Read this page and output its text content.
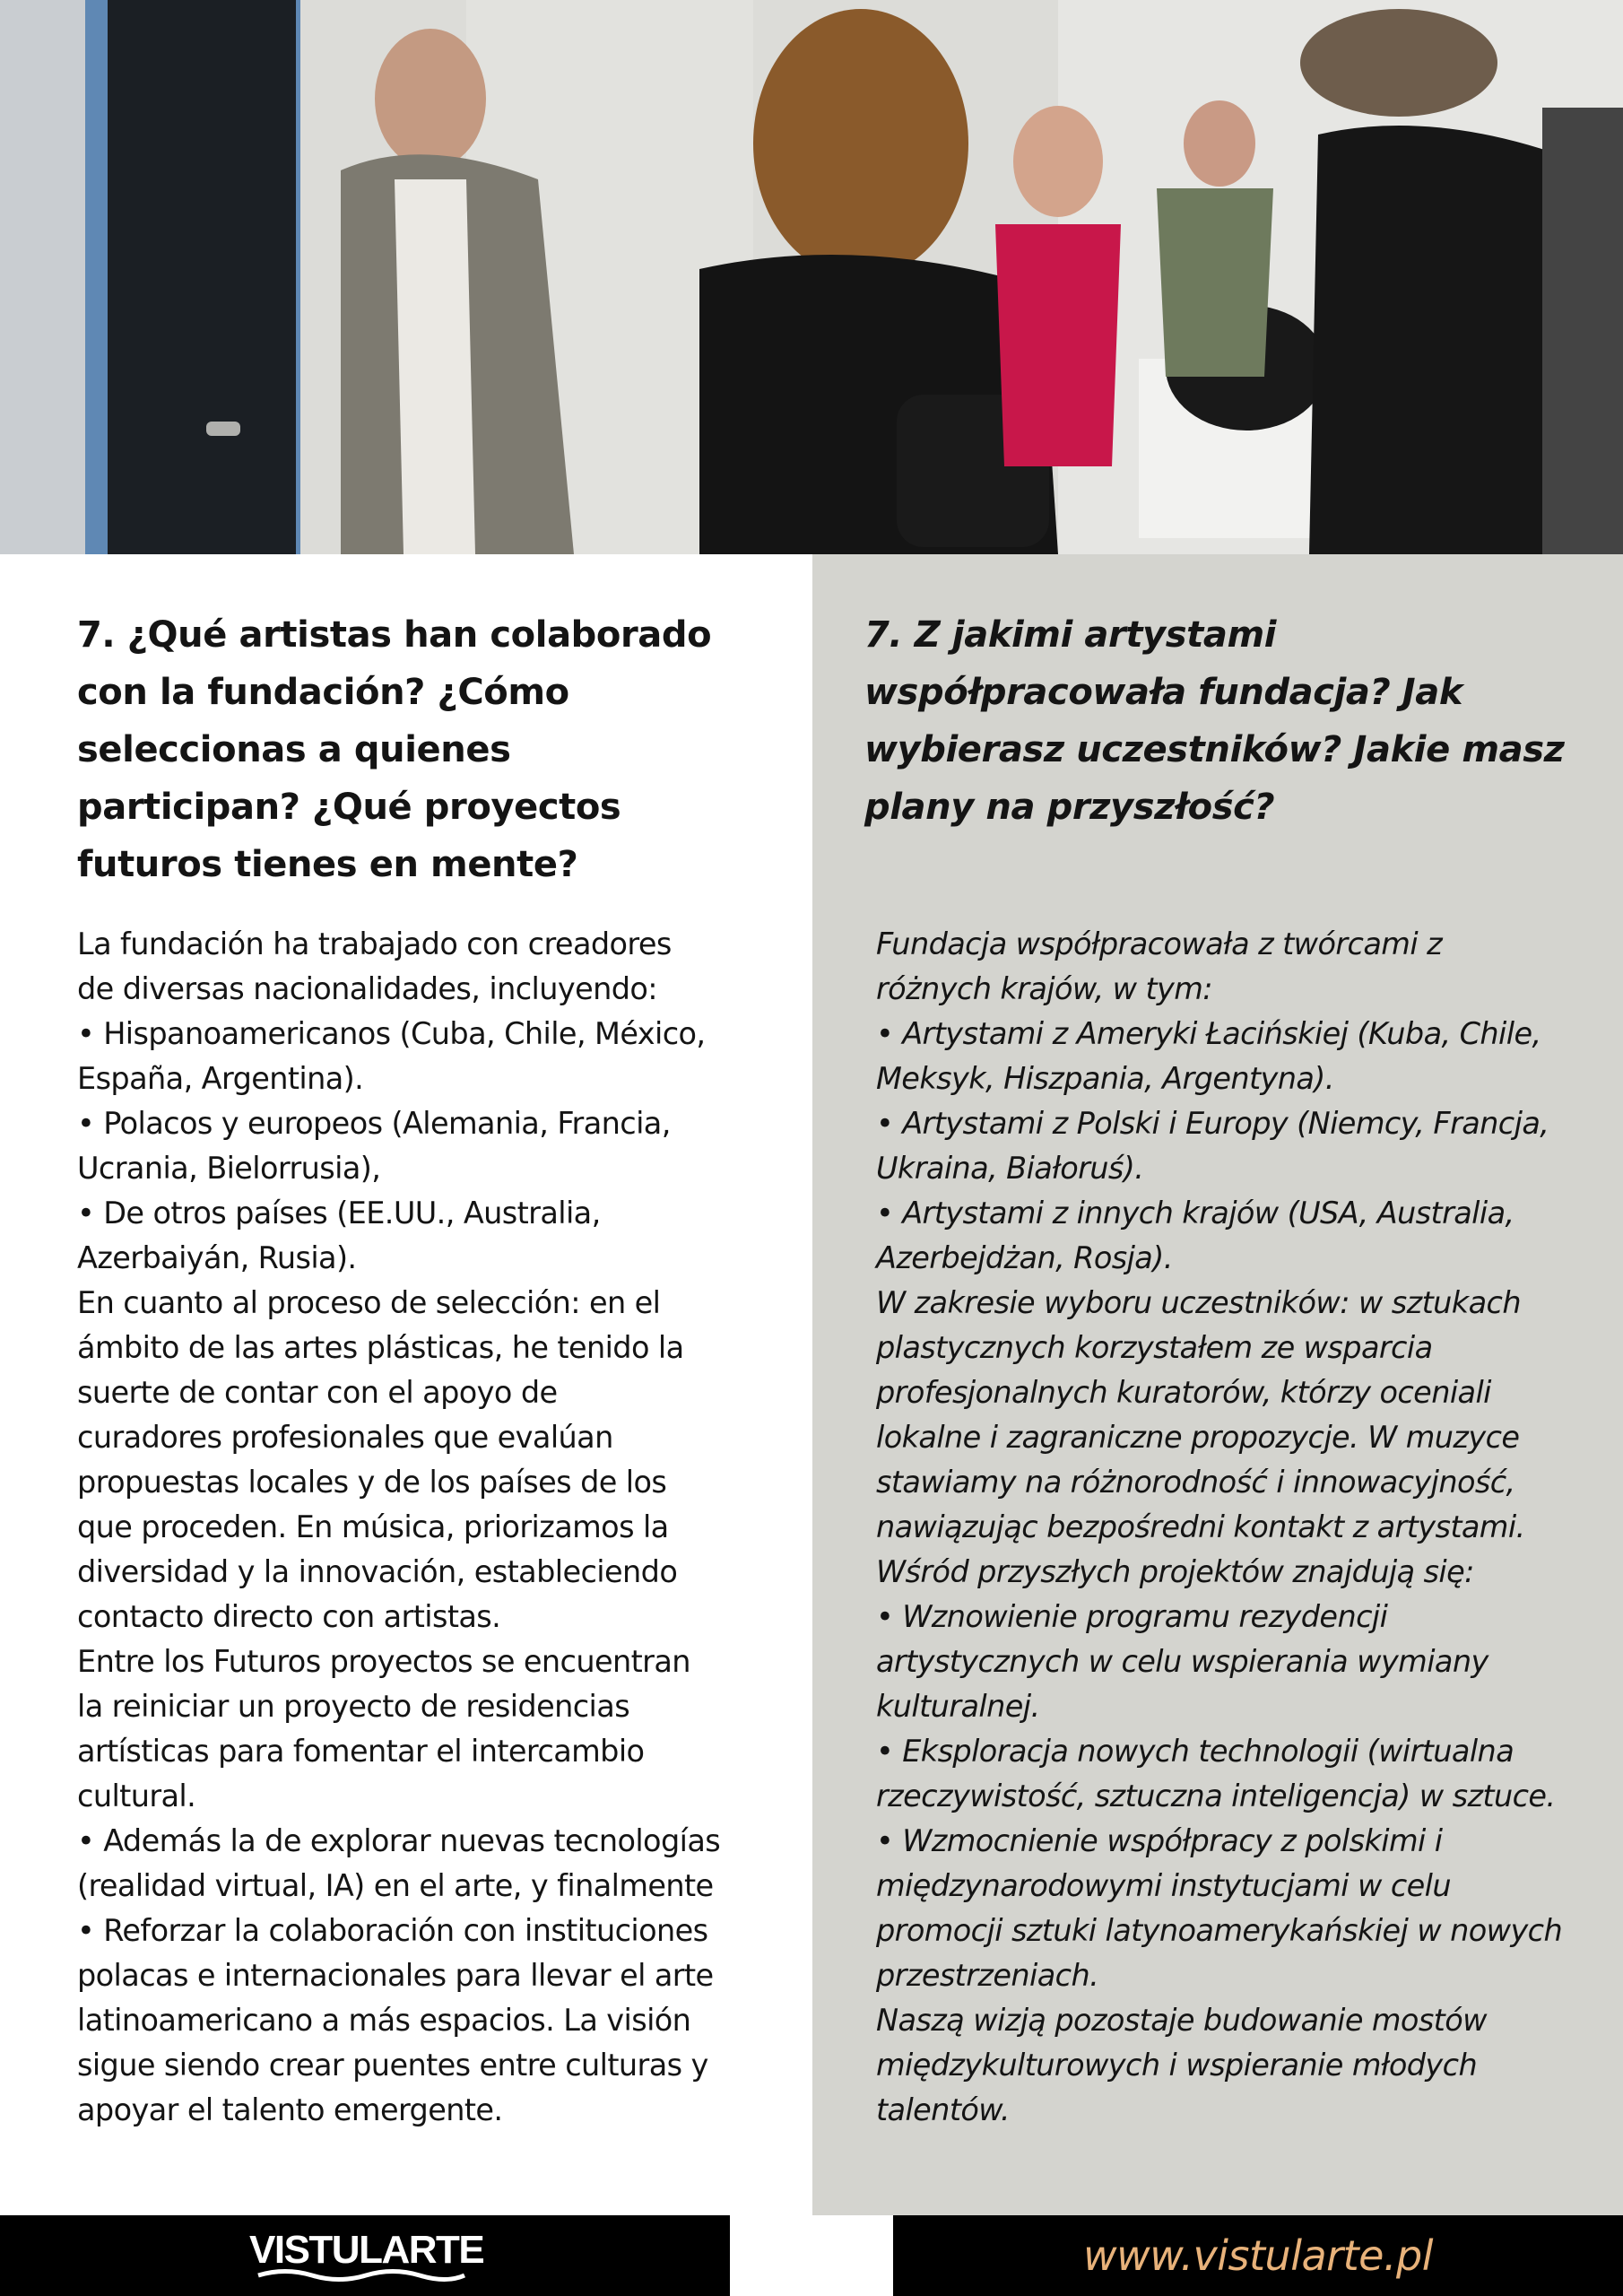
7. ¿Qué artistas han colaborado
con la fundación? ¿Cómo
seleccionas a quienes
participan? ¿Qué proyectos
futuros tienes en mente?
7. Z jakimi artystami
współpracowała fundacja? Jak
wybierasz uczestników? Jakie masz
plany na przyszłość?
La fundación ha trabajado con creadores
de diversas nacionalidades, incluyendo:
• Hispanoamericanos (Cuba, Chile, México,
España, Argentina).
• Polacos y europeos (Alemania, Francia,
Ucrania, Bielorrusia),
• De otros países (EE.UU., Australia,
Azerbaiyán, Rusia).
En cuanto al proceso de selección: en el
ámbito de las artes plásticas, he tenido la
suerte de contar con el apoyo de
curadores profesionales que evalúan
propuestas locales y de los países de los
que proceden. En música, priorizamos la
diversidad y la innovación, estableciendo
contacto directo con artistas.
Entre los Futuros proyectos se encuentran
la reiniciar un proyecto de residencias
artísticas para fomentar el intercambio
cultural.
• Además la de explorar nuevas tecnologías
(realidad virtual, IA) en el arte, y finalmente
• Reforzar la colaboración con instituciones
polacas e internacionales para llevar el arte
latinoamericano a más espacios. La visión
sigue siendo crear puentes entre culturas y
apoyar el talento emergente.
Fundacja współpracowała z twórcami z
różnych krajów, w tym:
• Artystami z Ameryki Łacińskiej (Kuba, Chile,
Meksyk, Hiszpania, Argentyna).
• Artystami z Polski i Europy (Niemcy, Francja,
Ukraina, Białoruś).
• Artystami z innych krajów (USA, Australia,
Azerbejdżan, Rosja).
W zakresie wyboru uczestników: w sztukach
plastycznych korzystałem ze wsparcia
profesjonalnych kuratorów, którzy oceniali
lokalne i zagraniczne propozycje. W muzyce
stawiamy na różnorodność i innowacyjność,
nawiązując bezpośredni kontakt z artystami.
Wśród przyszłych projektów znajdują się:
• Wznowienie programu rezydencji
artystycznych w celu wspierania wymiany
kulturalnej.
• Eksploracja nowych technologii (wirtualna
rzeczywistość, sztuczna inteligencja) w sztuce.
• Wzmocnienie współpracy z polskimi i
międzynarodowymi instytucjami w celu
promocji sztuki latynoamerykańskiej w nowych
przestrzeniach.
Naszą wizją pozostaje budowanie mostów
międzykulturowych i wspieranie młodych
talentów.
VISTULARTE	www.vistularte.pl
